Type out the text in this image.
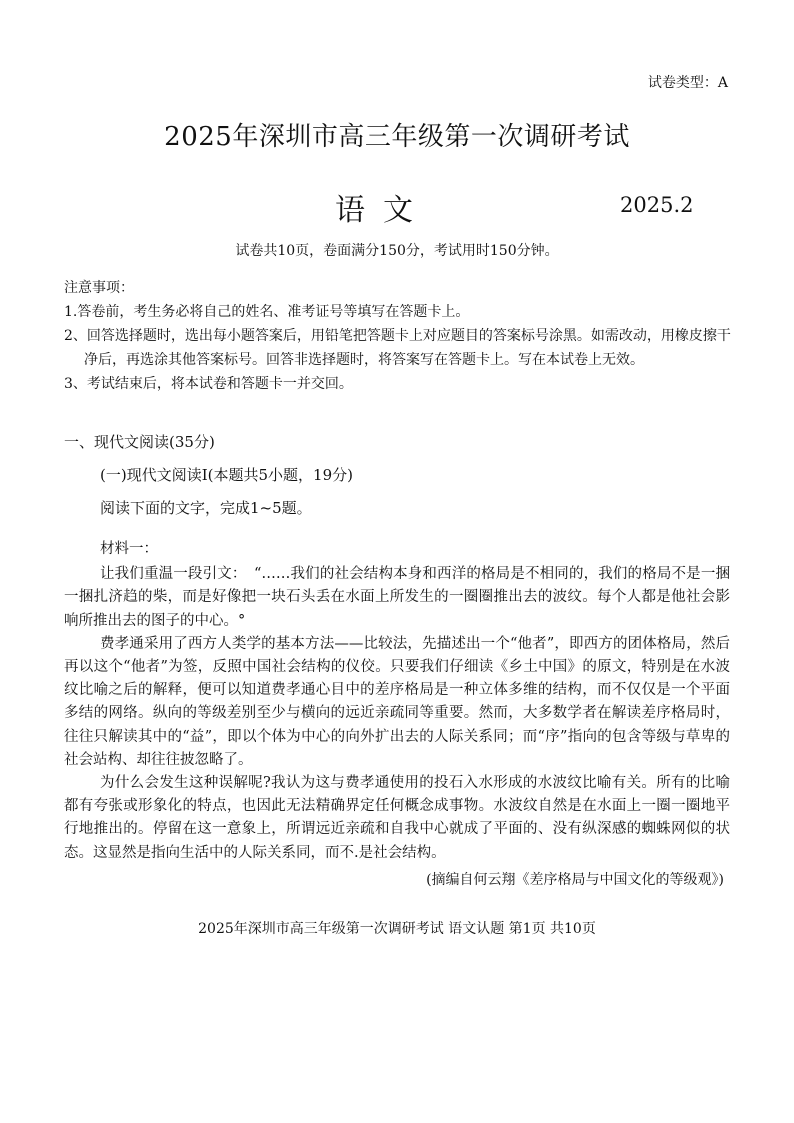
试卷类型：A
2025年深圳市高三年级第一次调研考试
语文	2025.2
试卷共10页，卷面满分150分，考试用时150分钟。
注意事项：

1.答卷前，考生务必将自己的姓名、准考证号等填写在答题卡上。

2、回答选择题时，选出每小题答案后，用铅笔把答题卡上对应题目的答案标号涂黑。如需改动，用橡皮擦干净后，再选涂其他答案标号。回答非选择题时，将答案写在答题卡上。写在本试卷上无效。

3、考试结束后，将本试卷和答题卡一并交回。

一、现代文阅读(35分)
(一)现代文阅读Ⅰ(本题共5小题，19分)
阅读下面的文字，完成1~5题。
材料一：

让我们重温一段引文：　“……我们的社会结构本身和西洋的格局是不相同的，我们的格局不是一捆一捆扎济趋的柴，而是好像把一块石头丢在水面上所发生的一圈圈推出去的波纹。每个人都是他社会影响所推出去的图子的中心。°

费孝通采用了西方人类学的基本方法——比较法，先描述出一个“他者”，即西方的团体格局，然后再以这个“他者”为签，反照中国社会结构的仪佼。只要我们仔细读《乡土中国》的原文，特别是在水波纹比喻之后的解释，便可以知道费孝通心目中的差序格局是一种立体多维的结构，而不仅仅是一个平面多结的网络。纵向的等级差别至少与横向的远近亲疏同等重要。然而，大多数学者在解读差序格局时，往往只解读其中的“益”，即以个体为中心的向外扩出去的人际关系同；而“序”指向的包含等级与草卑的社会站构、却往往披忽略了。

为什么会发生这种误解呢?我认为这与费孝通使用的投石入水形成的水波纹比喻有关。所有的比喻都有夸张或形象化的特点，也因此无法精确界定任何概念成事物。水波纹自然是在水面上一圈一圈地平行地推出的。停留在这一意象上，所谓远近亲疏和自我中心就成了平面的、没有纵深感的蜘蛛网似的状态。这显然是指向生活中的人际关系同，而不.是社会结构。

(摘编自何云翔《差序格局与中国文化的等级观》)

2025年深圳市高三年级第一次调研考试 语文认题 第1页 共10页
